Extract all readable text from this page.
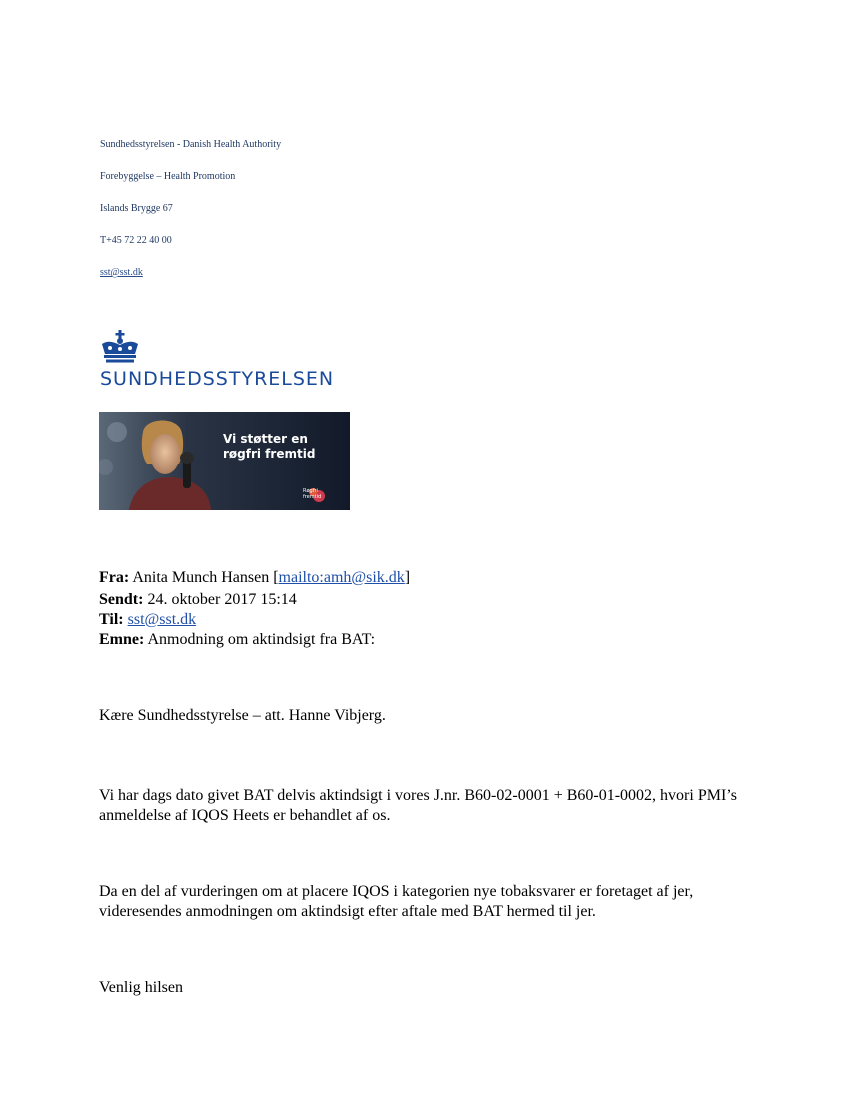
Sundhedsstyrelsen - Danish Health Authority
Forebyggelse – Health Promotion
Islands Brygge 67
T+45 72 22 40 00
sst@sst.dk
SUNDHEDSSTYRELSEN
Vi støtter en
røgfri fremtid
Røgfri
fremtid
Fra: Anita Munch Hansen [mailto:amh@sik.dk]
Sendt: 24. oktober 2017 15:14
Til: sst@sst.dk
Emne: Anmodning om aktindsigt fra BAT:
Kære Sundhedsstyrelse – att. Hanne Vibjerg.
Vi har dags dato givet BAT delvis aktindsigt i vores J.nr. B60-02-0001 + B60-01-0002, hvori PMI’s anmeldelse af IQOS Heets er behandlet af os.
Da en del af vurderingen om at placere IQOS i kategorien nye tobaksvarer er foretaget af jer, videresendes anmodningen om aktindsigt efter aftale med BAT hermed til jer.
Venlig hilsen
